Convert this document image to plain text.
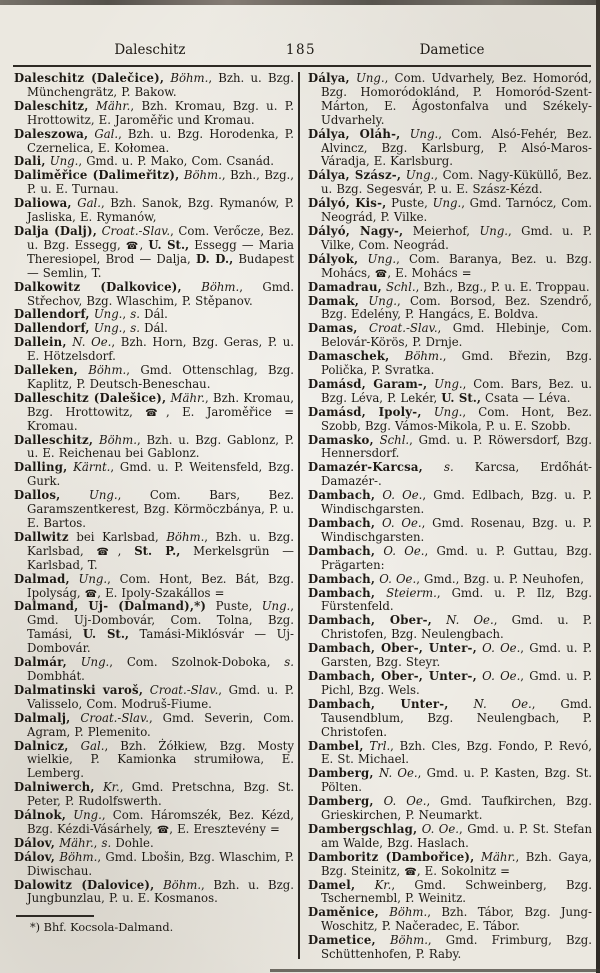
Daleschitz	185	Dametice

Daleschitz (Dalečice), Böhm., Bzh. u. Bzg. Münchengrätz, P. Bakow.

Daleschitz, Mähr., Bzh. Kromau, Bzg. u. P. Hrottowitz, E. Jaroměřic und Kromau.

Daleszowa, Gal., Bzh. u. Bzg. Horodenka, P. Czernelica, E. Kołomea.

Dali, Ung., Gmd. u. P. Mako, Com. Csanád.

Daliměřice (Dalimeřitz), Böhm., Bzh., Bzg., P. u. E. Turnau.

Daliowa, Gal., Bzh. Sanok, Bzg. Rymanów, P. Jasliska, E. Rymanów,

Dalja (Dalj), Croat.-Slav., Com. Verőcze, Bez. u. Bzg. Essegg, ☎, U. St., Essegg — Maria Theresiopel, Brod — Dalja, D. D., Budapest — Semlin, T.

Dalkowitz (Dalkovice), Böhm., Gmd. Střechov, Bzg. Wlaschim, P. Stěpanov.

Dallendorf, Ung., s. Dál.

Dallendorf, Ung., s. Dál.

Dallein, N. Oe., Bzh. Horn, Bzg. Geras, P. u. E. Hötzelsdorf.

Dalleken, Böhm., Gmd. Ottenschlag, Bzg. Kaplitz, P. Deutsch-Beneschau.

Dalleschitz (Dalešice), Mähr., Bzh. Kromau, Bzg. Hrottowitz, ☎, E. Jaroměřice = Kromau.

Dalleschitz, Böhm., Bzh. u. Bzg. Gablonz, P. u. E. Reichenau bei Gablonz.

Dalling, Kärnt., Gmd. u. P. Weitensfeld, Bzg. Gurk.

Dallos, Ung., Com. Bars, Bez. Garamszentkerest, Bzg. Körmöczbánya, P. u. E. Bartos.

Dallwitz bei Karlsbad, Böhm., Bzh. u. Bzg. Karlsbad, ☎, St. P., Merkelsgrün — Karlsbad, T.

Dalmad, Ung., Com. Hont, Bez. Bát, Bzg. Ipolyság, ☎, E. Ipoly-Szakállos =

Dalmand, Uj- (Dalmand),*) Puste, Ung., Gmd. Uj-Dombovár, Com. Tolna, Bzg. Tamási, U. St., Tamási-Miklósvár — Uj-Dombovár.

Dalmár, Ung., Com. Szolnok-Doboka, s. Dombhát.

Dalmatinski varoš, Croat.-Slav., Gmd. u. P. Valisselo, Com. Modruš-Fiume.

Dalmalj, Croat.-Slav., Gmd. Severin, Com. Agram, P. Plemenito.

Dalnicz, Gal., Bzh. Żółkiew, Bzg. Mosty wielkie, P. Kamionka strumiłowa, E. Lemberg.

Dalniwerch, Kr., Gmd. Pretschna, Bzg. St. Peter, P. Rudolfswerth.

Dálnok, Ung., Com. Háromszék, Bez. Kézd, Bzg. Kézdi-Vásárhely, ☎, E. Eresztevény =

Dálov, Mähr., s. Dohle.

Dálov, Böhm., Gmd. Lbošin, Bzg. Wlaschim, P. Diwischau.

Dalowitz (Dalovice), Böhm., Bzh. u. Bzg. Jungbunzlau, P. u. E. Kosmanos.

*) Bhf. Kocsola-Dalmand.

Dálya, Ung., Com. Udvarhely, Bez. Homoród, Bzg. Homoródoklánd, P. Homoród-Szent-Márton, E. Ágostonfalva und Székely-Udvarhely.

Dálya, Oláh-, Ung., Com. Alsó-Fehér, Bez. Alvincz, Bzg. Karlsburg, P. Alsó-Maros-Váradja, E. Karlsburg.

Dálya, Szász-, Ung., Com. Nagy-Küküllő, Bez. u. Bzg. Segesvár, P. u. E. Szász-Kézd.

Dályó, Kis-, Puste, Ung., Gmd. Tarnócz, Com. Neográd, P. Vilke.

Dályó, Nagy-, Meierhof, Ung., Gmd. u. P. Vilke, Com. Neográd.

Dályok, Ung., Com. Baranya, Bez. u. Bzg. Mohács, ☎, E. Mohács =

Damadrau, Schl., Bzh., Bzg., P. u. E. Troppau.

Damak, Ung., Com. Borsod, Bez. Szendrő, Bzg. Edelény, P. Hangács, E. Boldva.

Damas, Croat.-Slav., Gmd. Hlebinje, Com. Belovár-Körös, P. Drnje.

Damaschek, Böhm., Gmd. Březin, Bzg. Polička, P. Svratka.

Damásd, Garam-, Ung., Com. Bars, Bez. u. Bzg. Léva, P. Lekér, U. St., Csata — Léva.

Damásd, Ipoly-, Ung., Com. Hont, Bez. Szobb, Bzg. Vámos-Mikola, P. u. E. Szobb.

Damasko, Schl., Gmd. u. P. Röwersdorf, Bzg. Hennersdorf.

Damazér-Karcsa, s. Karcsa, Erdőhát-Damazér-.

Dambach, O. Oe., Gmd. Edlbach, Bzg. u. P. Windischgarsten.

Dambach, O. Oe., Gmd. Rosenau, Bzg. u. P. Windischgarsten.

Dambach, O. Oe., Gmd. u. P. Guttau, Bzg. Prägarten:

Dambach, O. Oe., Gmd., Bzg. u. P. Neuhofen,

Dambach, Steierm., Gmd. u. P. Ilz, Bzg. Fürstenfeld.

Dambach, Ober-, N. Oe., Gmd. u. P. Christofen, Bzg. Neulengbach.

Dambach, Ober-, Unter-, O. Oe., Gmd. u. P. Garsten, Bzg. Steyr.

Dambach, Ober-, Unter-, O. Oe., Gmd. u. P. Pichl, Bzg. Wels.

Dambach, Unter-, N. Oe., Gmd. Tausendblum, Bzg. Neulengbach, P. Christofen.

Dambel, Trl., Bzh. Cles, Bzg. Fondo, P. Revó, E. St. Michael.

Damberg, N. Oe., Gmd. u. P. Kasten, Bzg. St. Pölten.

Damberg, O. Oe., Gmd. Taufkirchen, Bzg. Grieskirchen, P. Neumarkt.

Dambergschlag, O. Oe., Gmd. u. P. St. Stefan am Walde, Bzg. Haslach.

Damboritz (Dambořice), Mähr., Bzh. Gaya, Bzg. Steinitz, ☎, E. Sokolnitz =

Damel, Kr., Gmd. Schweinberg, Bzg. Tschernembl, P. Weinitz.

Daměnice, Böhm., Bzh. Tábor, Bzg. Jung-Woschitz, P. Načeradec, E. Tábor.

Dametice, Böhm., Gmd. Frimburg, Bzg. Schüttenhofen, P. Raby.
